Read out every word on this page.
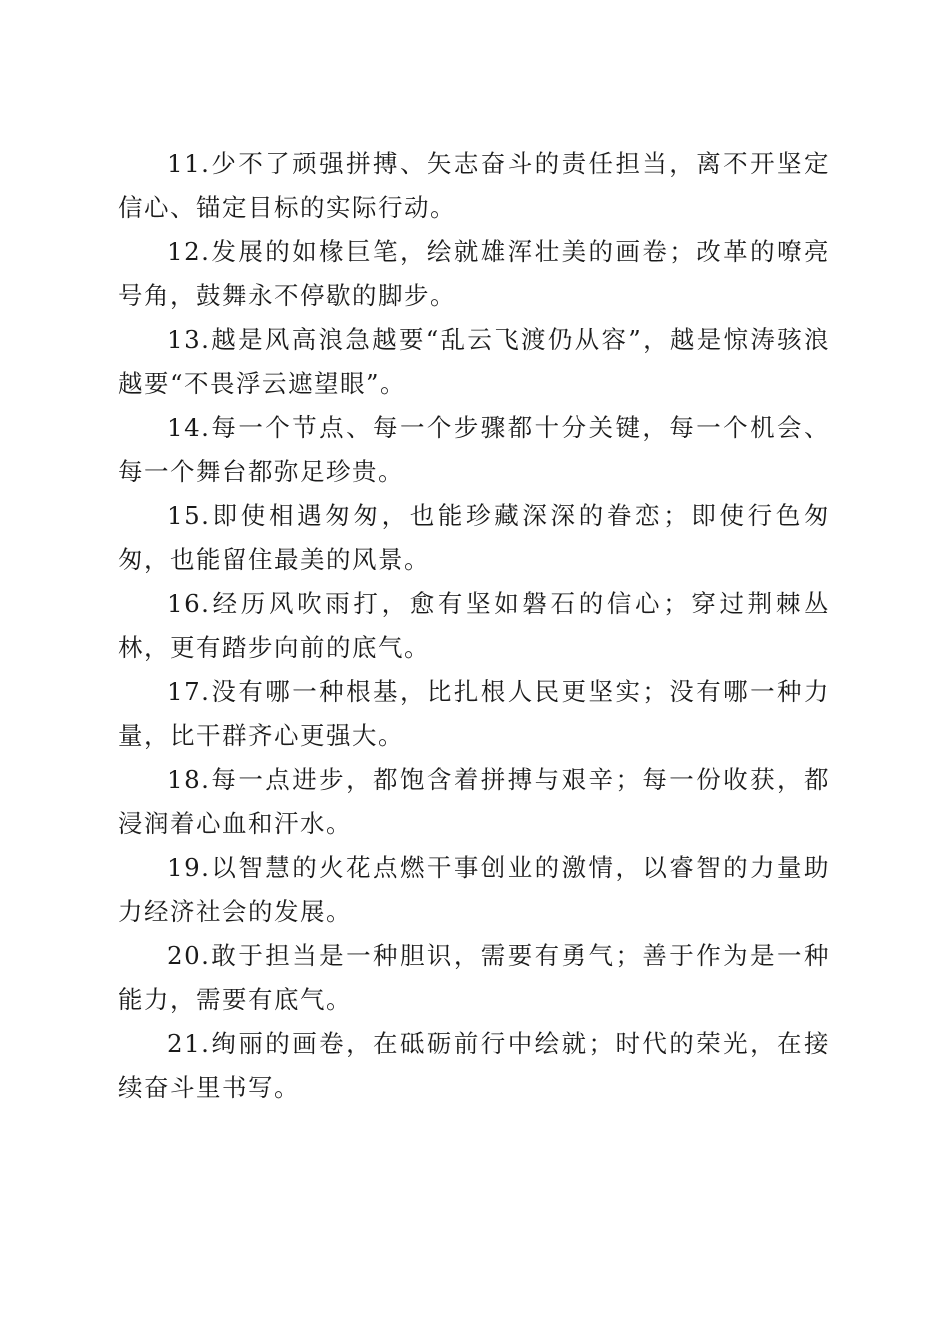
11.少不了顽强拼搏、矢志奋斗的责任担当，离不开坚定信心、锚定目标的实际行动。

12.发展的如椽巨笔，绘就雄浑壮美的画卷；改革的嘹亮号角，鼓舞永不停歇的脚步。

13.越是风高浪急越要“乱云飞渡仍从容”，越是惊涛骇浪越要“不畏浮云遮望眼”。

14.每一个节点、每一个步骤都十分关键，每一个机会、每一个舞台都弥足珍贵。

15.即使相遇匆匆，也能珍藏深深的眷恋；即使行色匆匆，也能留住最美的风景。

16.经历风吹雨打，愈有坚如磐石的信心；穿过荆棘丛林，更有踏步向前的底气。

17.没有哪一种根基，比扎根人民更坚实；没有哪一种力量，比干群齐心更强大。

18.每一点进步，都饱含着拼搏与艰辛；每一份收获，都浸润着心血和汗水。

19.以智慧的火花点燃干事创业的激情，以睿智的力量助力经济社会的发展。

20.敢于担当是一种胆识，需要有勇气；善于作为是一种能力，需要有底气。

21.绚丽的画卷，在砥砺前行中绘就；时代的荣光，在接续奋斗里书写。
